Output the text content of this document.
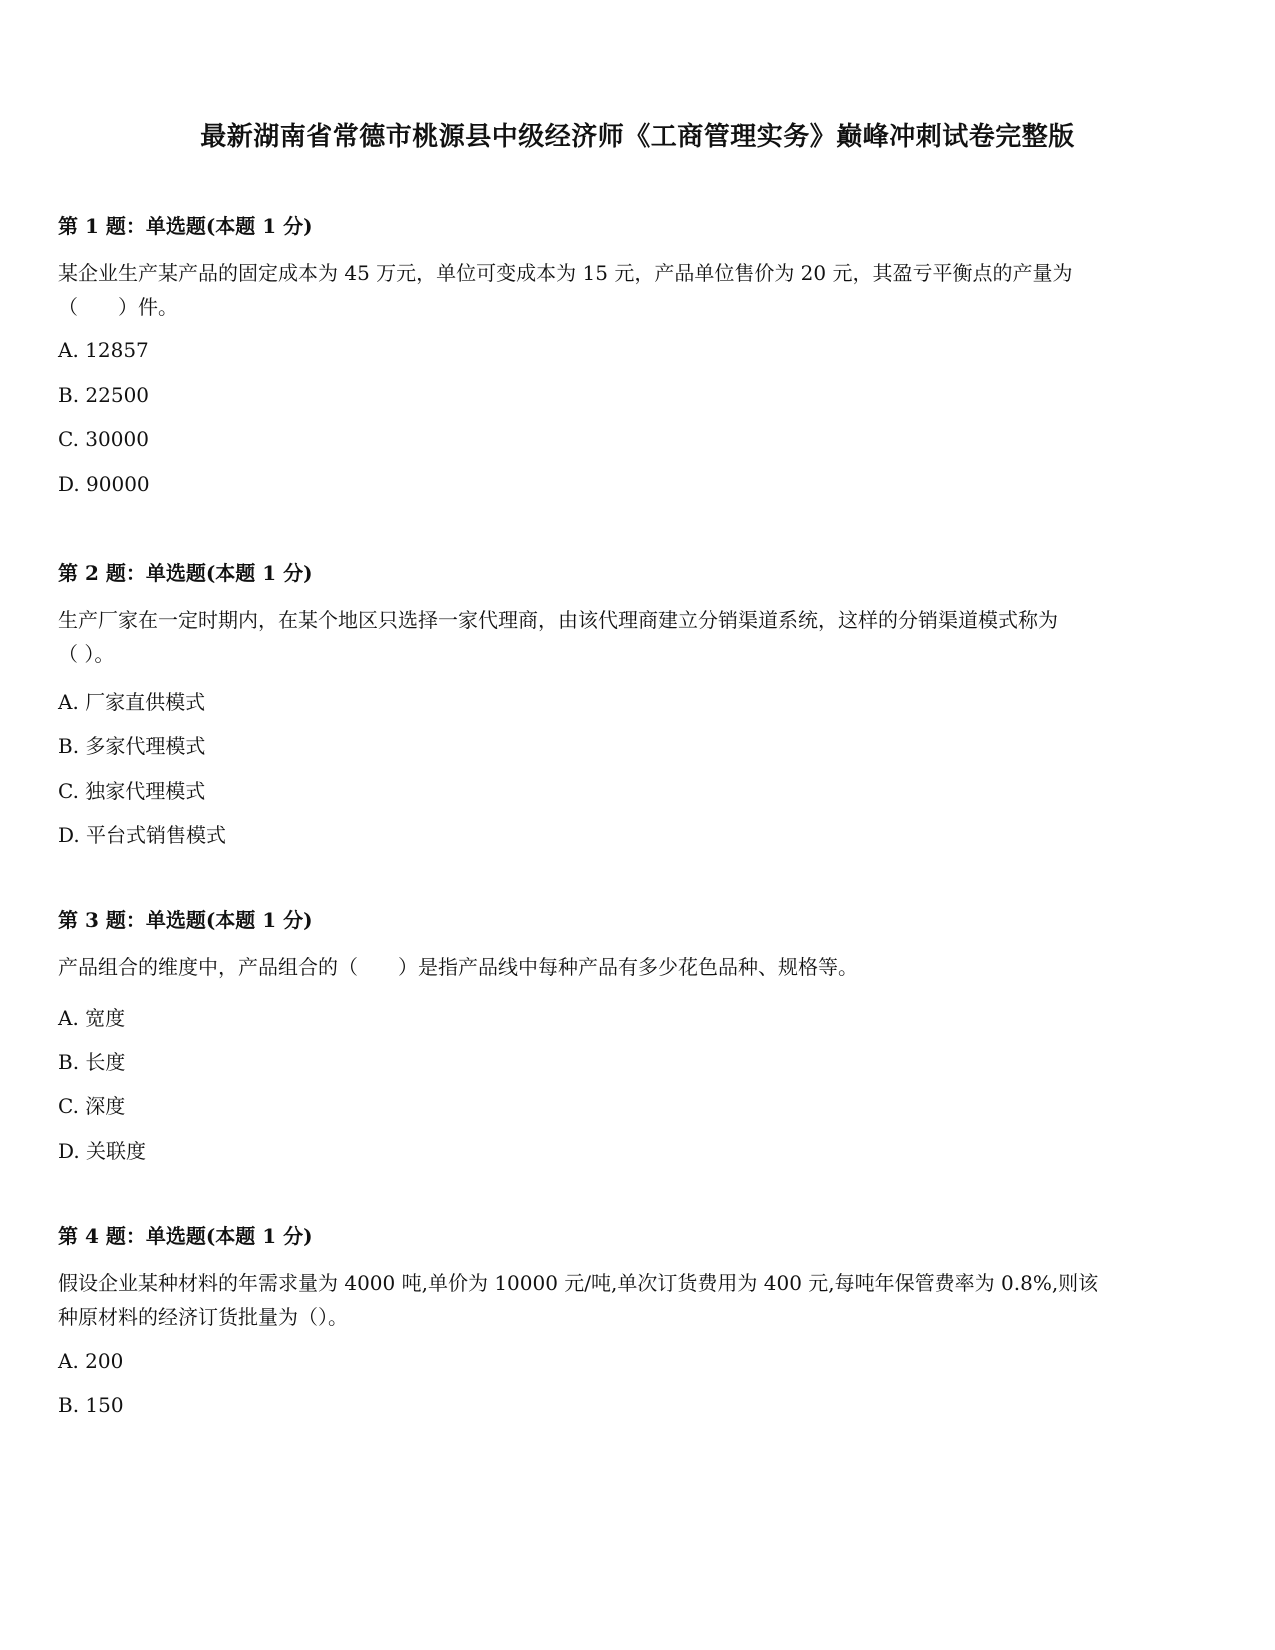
最新湖南省常德市桃源县中级经济师《工商管理实务》巅峰冲刺试卷完整版
第 1 题：单选题(本题 1 分)
某企业生产某产品的固定成本为 45 万元，单位可变成本为 15 元，产品单位售价为 20 元，其盈亏平衡点的产量为
（　　）件。
A. 12857
B. 22500
C. 30000
D. 90000
第 2 题：单选题(本题 1 分)
生产厂家在一定时期内，在某个地区只选择一家代理商，由该代理商建立分销渠道系统，这样的分销渠道模式称为
（ ）。
A. 厂家直供模式
B. 多家代理模式
C. 独家代理模式
D. 平台式销售模式
第 3 题：单选题(本题 1 分)
产品组合的维度中，产品组合的（　　）是指产品线中每种产品有多少花色品种、规格等。
A. 宽度
B. 长度
C. 深度
D. 关联度
第 4 题：单选题(本题 1 分)
假设企业某种材料的年需求量为 4000 吨,单价为 10000 元/吨,单次订货费用为 400 元,每吨年保管费率为 0.8%,则该
种原材料的经济订货批量为（）。
A. 200
B. 150
